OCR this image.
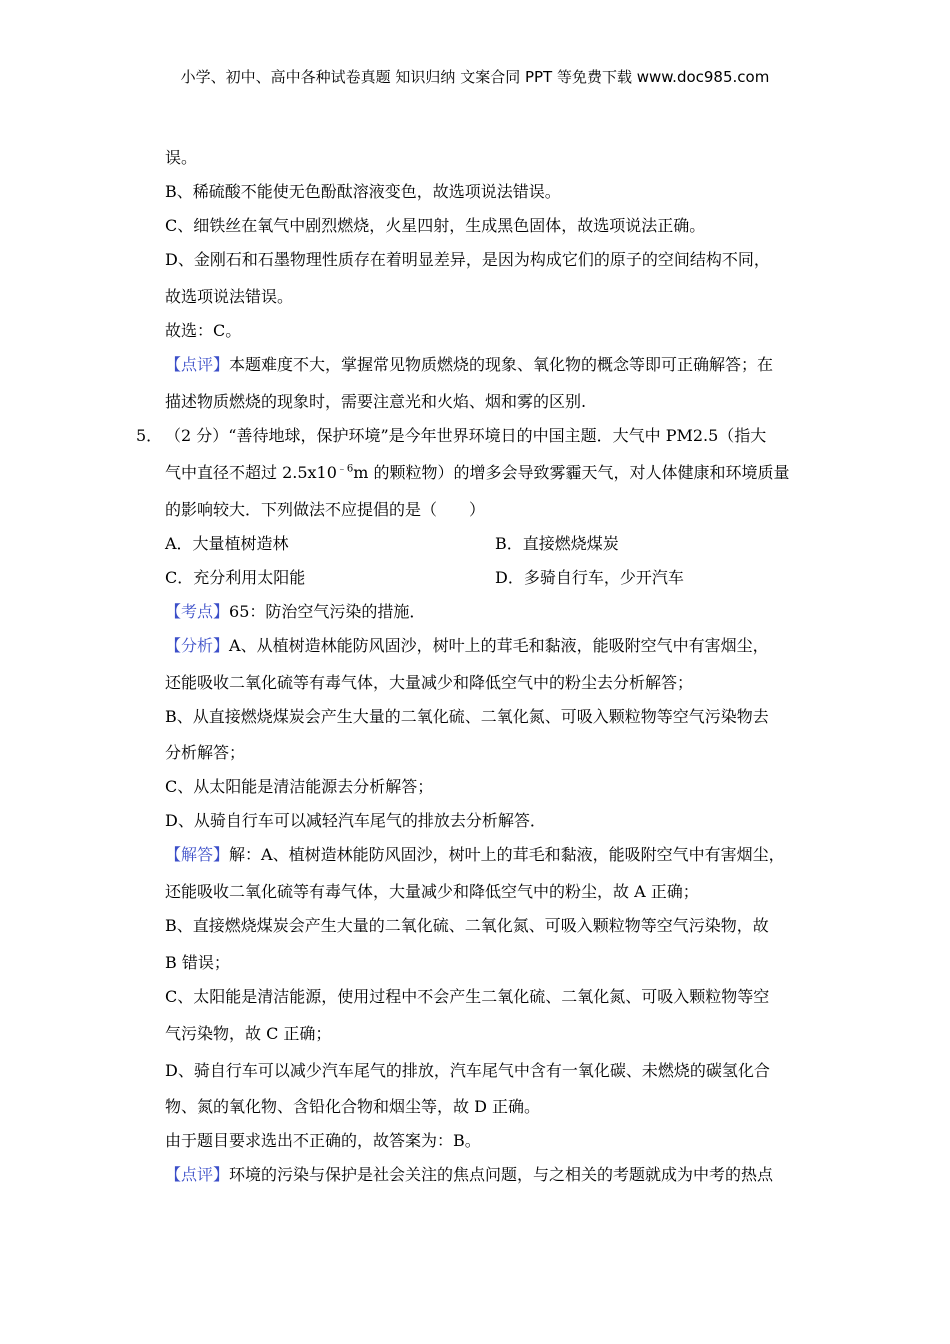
小学、初中、高中各种试卷真题 知识归纳 文案合同 PPT 等免费下载 www.doc985.com
误。
B、稀硫酸不能使无色酚酞溶液变色，故选项说法错误。
C、细铁丝在氧气中剧烈燃烧，火星四射，生成黑色固体，故选项说法正确。
D、金刚石和石墨物理性质存在着明显差异，是因为构成它们的原子的空间结构不同，
故选项说法错误。
故选：C。
【点评】本题难度不大，掌握常见物质燃烧的现象、氧化物的概念等即可正确解答；在
描述物质燃烧的现象时，需要注意光和火焰、烟和雾的区别.
5． （2 分）“善待地球，保护环境”是今年世界环境日的中国主题．大气中 PM2.5（指大
气中直径不超过 $2.5x10^{﹣6}m$ 的颗粒物）的增多会导致雾霾天气，对人体健康和环境质量
的影响较大．下列做法不应提倡的是（　　）
A．大量植树造林	B．直接燃烧煤炭
C．充分利用太阳能	D．多骑自行车，少开汽车
【考点】65：防治空气污染的措施．
【分析】A、从植树造林能防风固沙，树叶上的茸毛和黏液，能吸附空气中有害烟尘，
还能吸收二氧化硫等有毒气体，大量减少和降低空气中的粉尘去分析解答；
B、从直接燃烧煤炭会产生大量的二氧化硫、二氧化氮、可吸入颗粒物等空气污染物去
分析解答；
C、从太阳能是清洁能源去分析解答；
D、从骑自行车可以减轻汽车尾气的排放去分析解答．
【解答】解：A、植树造林能防风固沙，树叶上的茸毛和黏液，能吸附空气中有害烟尘，
还能吸收二氧化硫等有毒气体，大量减少和降低空气中的粉尘，故 A 正确；
B、直接燃烧煤炭会产生大量的二氧化硫、二氧化氮、可吸入颗粒物等空气污染物，故
B 错误；
C、太阳能是清洁能源，使用过程中不会产生二氧化硫、二氧化氮、可吸入颗粒物等空
气污染物，故 C 正确；
D、骑自行车可以减少汽车尾气的排放，汽车尾气中含有一氧化碳、未燃烧的碳氢化合
物、氮的氧化物、含铅化合物和烟尘等，故 D 正确。
由于题目要求选出不正确的，故答案为：B。
【点评】环境的污染与保护是社会关注的焦点问题，与之相关的考题就成为中考的热点
